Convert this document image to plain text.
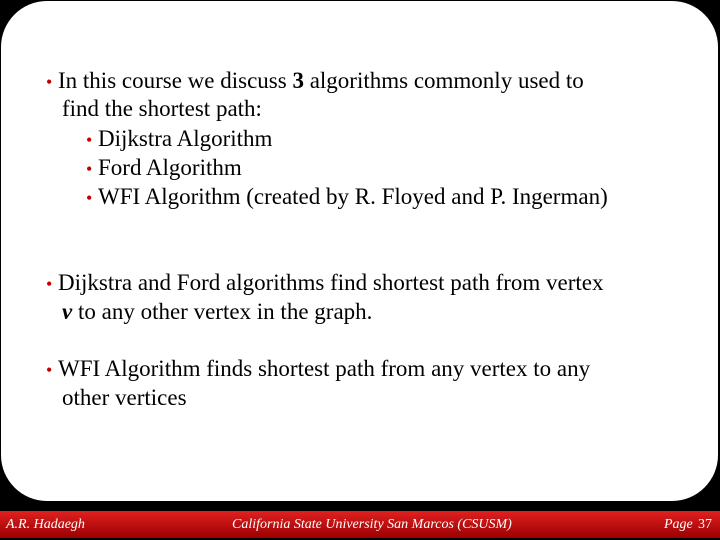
• In this course we discuss 3 algorithms commonly used to
find the shortest path:
• Dijkstra Algorithm
• Ford Algorithm
• WFI Algorithm (created by R. Floyed and P. Ingerman)
• Dijkstra and Ford algorithms find shortest path from vertex
v to any other vertex in the graph.
• WFI Algorithm finds shortest path from any vertex to any
other vertices
A.R. Hadaegh	California State University San Marcos (CSUSM)	Page 37
